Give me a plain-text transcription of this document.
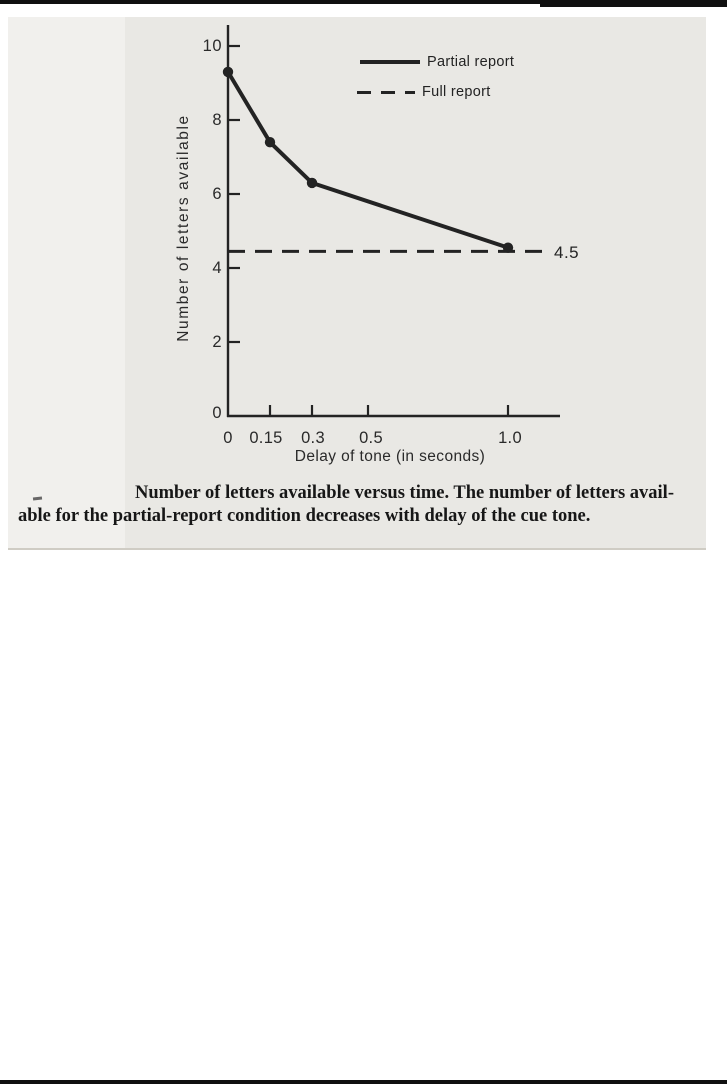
10
8
6
4
2
0
0 0.15 0.3 0.5	1.0
Number of letters available
Delay of tone (in seconds)
Partial report
Full report
4.5
Number of letters available versus time. The number of letters avail-
able for the partial-report condition decreases with delay of the cue tone.
